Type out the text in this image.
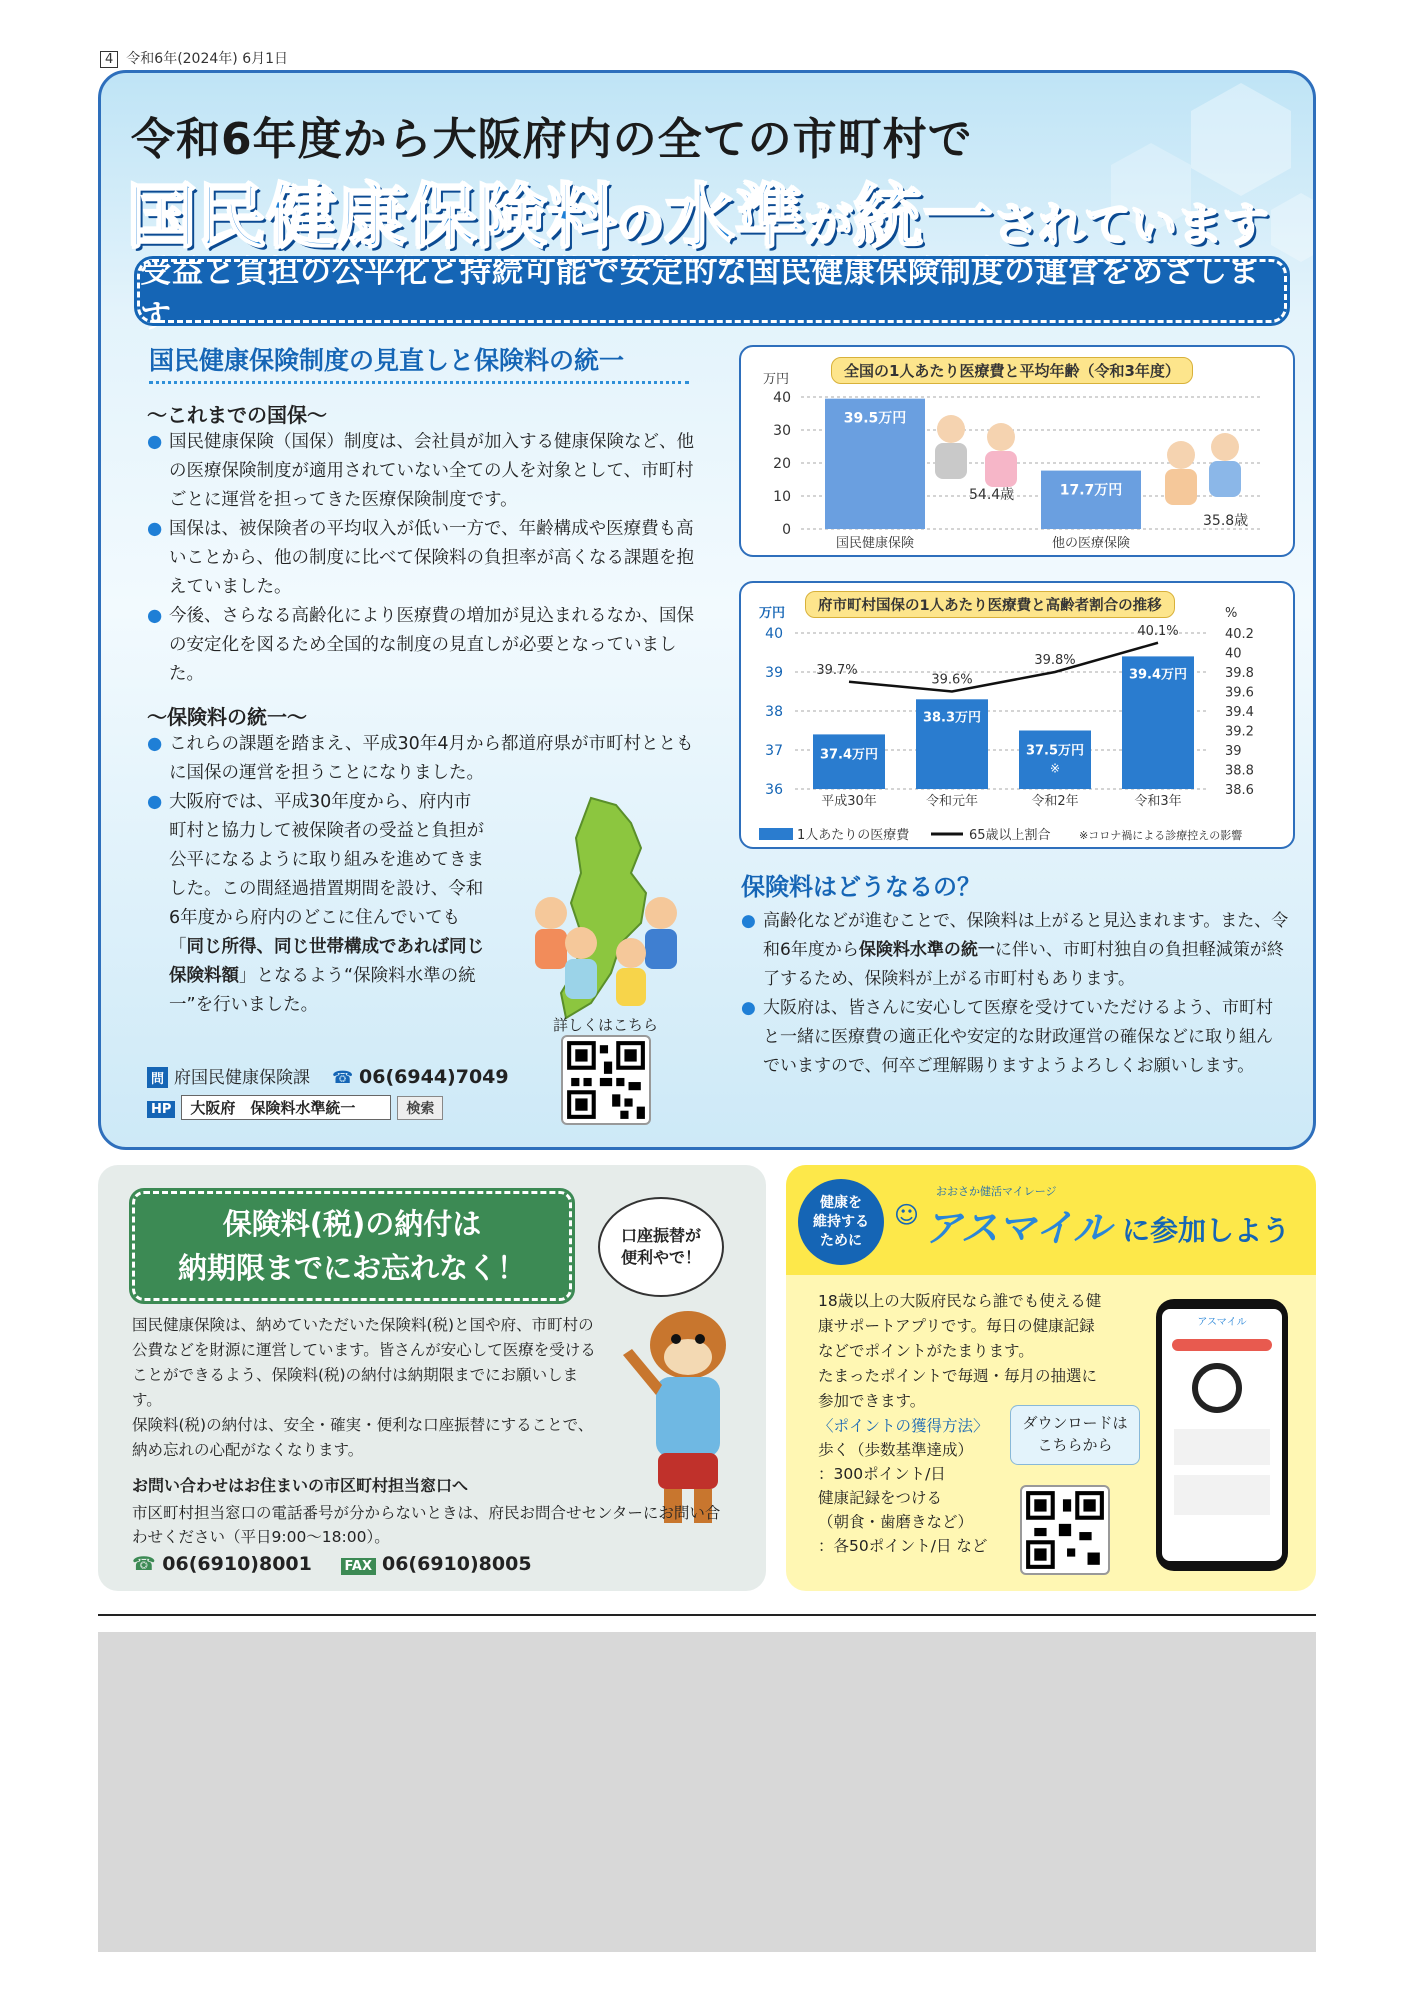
4 令和6年(2024年) 6月1日
令和6年度から大阪府内の全ての市町村で
国民健康保険料の水準が統一されています
受益と負担の公平化と持続可能で安定的な国民健康保険制度の運営をめざします
国民健康保険制度の見直しと保険料の統一
〜これまでの国保〜
● 国民健康保険（国保）制度は、会社員が加入する健康保険など、他の医療保険制度が適用されていない全ての人を対象として、市町村ごとに運営を担ってきた医療保険制度です。
● 国保は、被保険者の平均収入が低い一方で、年齢構成や医療費も高いことから、他の制度に比べて保険料の負担率が高くなる課題を抱えていました。
● 今後、さらなる高齢化により医療費の増加が見込まれるなか、国保の安定化を図るため全国的な制度の見直しが必要となっていました。
〜保険料の統一〜
● これらの課題を踏まえ、平成30年4月から都道府県が市町村とともに国保の運営を担うことになりました。
● 大阪府では、平成30年度から、府内市町村と協力して被保険者の受益と負担が公平になるように取り組みを進めてきました。この間経過措置期間を設け、令和6年度から府内のどこに住んでいても「同じ所得、同じ世帯構成であれば同じ保険料額」となるよう“保険料水準の統一”を行いました。
詳しくはこちら
問 府国民健康保険課 ☎ 06(6944)7049
HP 大阪府　保険料水準統一	検索
全国の1人あたり医療費と平均年齢（令和3年度）
万円
0
10
20
30
40
39.5万円
国民健康保険
17.7万円
他の医療保険
54.4歳
35.8歳
府市町村国保の1人あたり医療費と高齢者割合の推移
万円	%
36
37
38
39
40
38.6
38.8
39
39.2
39.4
39.6
39.8
40
40.2
37.4万円
平成30年
38.3万円
令和元年
37.5万円
令和2年
39.4万円
令和3年
※
39.7%
39.6%
39.8%
40.1%
1人あたりの医療費	65歳以上割合	※コロナ禍による診療控えの影響
保険料はどうなるの？
● 高齢化などが進むことで、保険料は上がると見込まれます。また、令和6年度から保険料水準の統一に伴い、市町村独自の負担軽減策が終了するため、保険料が上がる市町村もあります。
● 大阪府は、皆さんに安心して医療を受けていただけるよう、市町村と一緒に医療費の適正化や安定的な財政運営の確保などに取り組んでいますので、何卒ご理解賜りますようよろしくお願いします。
保険料(税)の納付は
納期限までにお忘れなく！
口座振替が
便利やで！
国民健康保険は、納めていただいた保険料(税)と国や府、市町村の公費などを財源に運営しています。皆さんが安心して医療を受けることができるよう、保険料(税)の納付は納期限までにお願いします。
保険料(税)の納付は、安全・確実・便利な口座振替にすることで、納め忘れの心配がなくなります。
お問い合わせはお住まいの市区町村担当窓口へ
市区町村担当窓口の電話番号が分からないときは、府民お問合せセンターにお問い合わせください（平日9:00〜18:00）。
☎ 06(6910)8001	FAX 06(6910)8005
健康を
維持する
ために
おおさか健活マイレージ
☺ アスマイル に参加しよう
18歳以上の大阪府民なら誰でも使える健康サポートアプリです。毎日の健康記録などでポイントがたまります。
たまったポイントで毎週・毎月の抽選に参加できます。
〈ポイントの獲得方法〉
歩く（歩数基準達成）
：300ポイント/日
健康記録をつける
（朝食・歯磨きなど）
：各50ポイント/日 など
ダウンロードは
こちらから
アスマイル
